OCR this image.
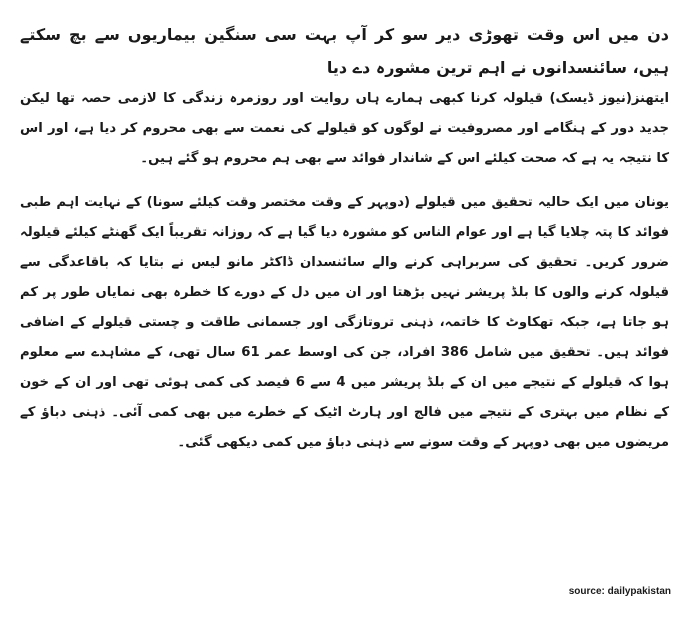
دن میں اس وقت تھوڑی دیر سو کر آپ بہت سی سنگین بیماریوں سے بچ سکتے ہیں، سائنسدانوں نے اہم ترین مشورہ دے دیا

ایتھنز(نیوز ڈیسک) قیلولہ کرنا کبھی ہمارے ہاں روایت اور روزمرہ زندگی کا لازمی حصہ تھا لیکن جدید دور کے ہنگامے اور مصروفیت نے لوگوں کو قیلولے کی نعمت سے بھی محروم کر دیا ہے، اور اس کا نتیجہ یہ ہے کہ صحت کیلئے اس کے شاندار فوائد سے بھی ہم محروم ہو گئے ہیں۔

یونان میں ایک حالیہ تحقیق میں قیلولے (دوپہر کے وقت مختصر وقت کیلئے سونا) کے نہایت اہم طبی فوائد کا پتہ چلایا گیا ہے اور عوام الناس کو مشورہ دیا گیا ہے کہ روزانہ تقریباً ایک گھنٹے کیلئے قیلولہ ضرور کریں۔ تحقیق کی سربراہی کرنے والے سائنسدان ڈاکٹر مانو لیس نے بتایا کہ باقاعدگی سے قیلولہ کرنے والوں کا بلڈ پریشر نہیں بڑھتا اور ان میں دل کے دورے کا خطرہ بھی نمایاں طور پر کم ہو جاتا ہے، جبکہ تھکاوٹ کا خاتمہ، ذہنی تروتازگی اور جسمانی طاقت و چستی قیلولے کے اضافی فوائد ہیں۔ تحقیق میں شامل 386 افراد، جن کی اوسط عمر 61 سال تھی، کے مشاہدے سے معلوم ہوا کہ قیلولے کے نتیجے میں ان کے بلڈ پریشر میں 4 سے 6 فیصد کی کمی ہوئی تھی اور ان کے خون کے نظام میں بہتری کے نتیجے میں فالج اور ہارٹ اٹیک کے خطرے میں بھی کمی آئی۔ ذہنی دباؤ کے مریضوں میں بھی دوپہر کے وقت سونے سے ذہنی دباؤ میں کمی دیکھی گئی۔

source: dailypakistan
